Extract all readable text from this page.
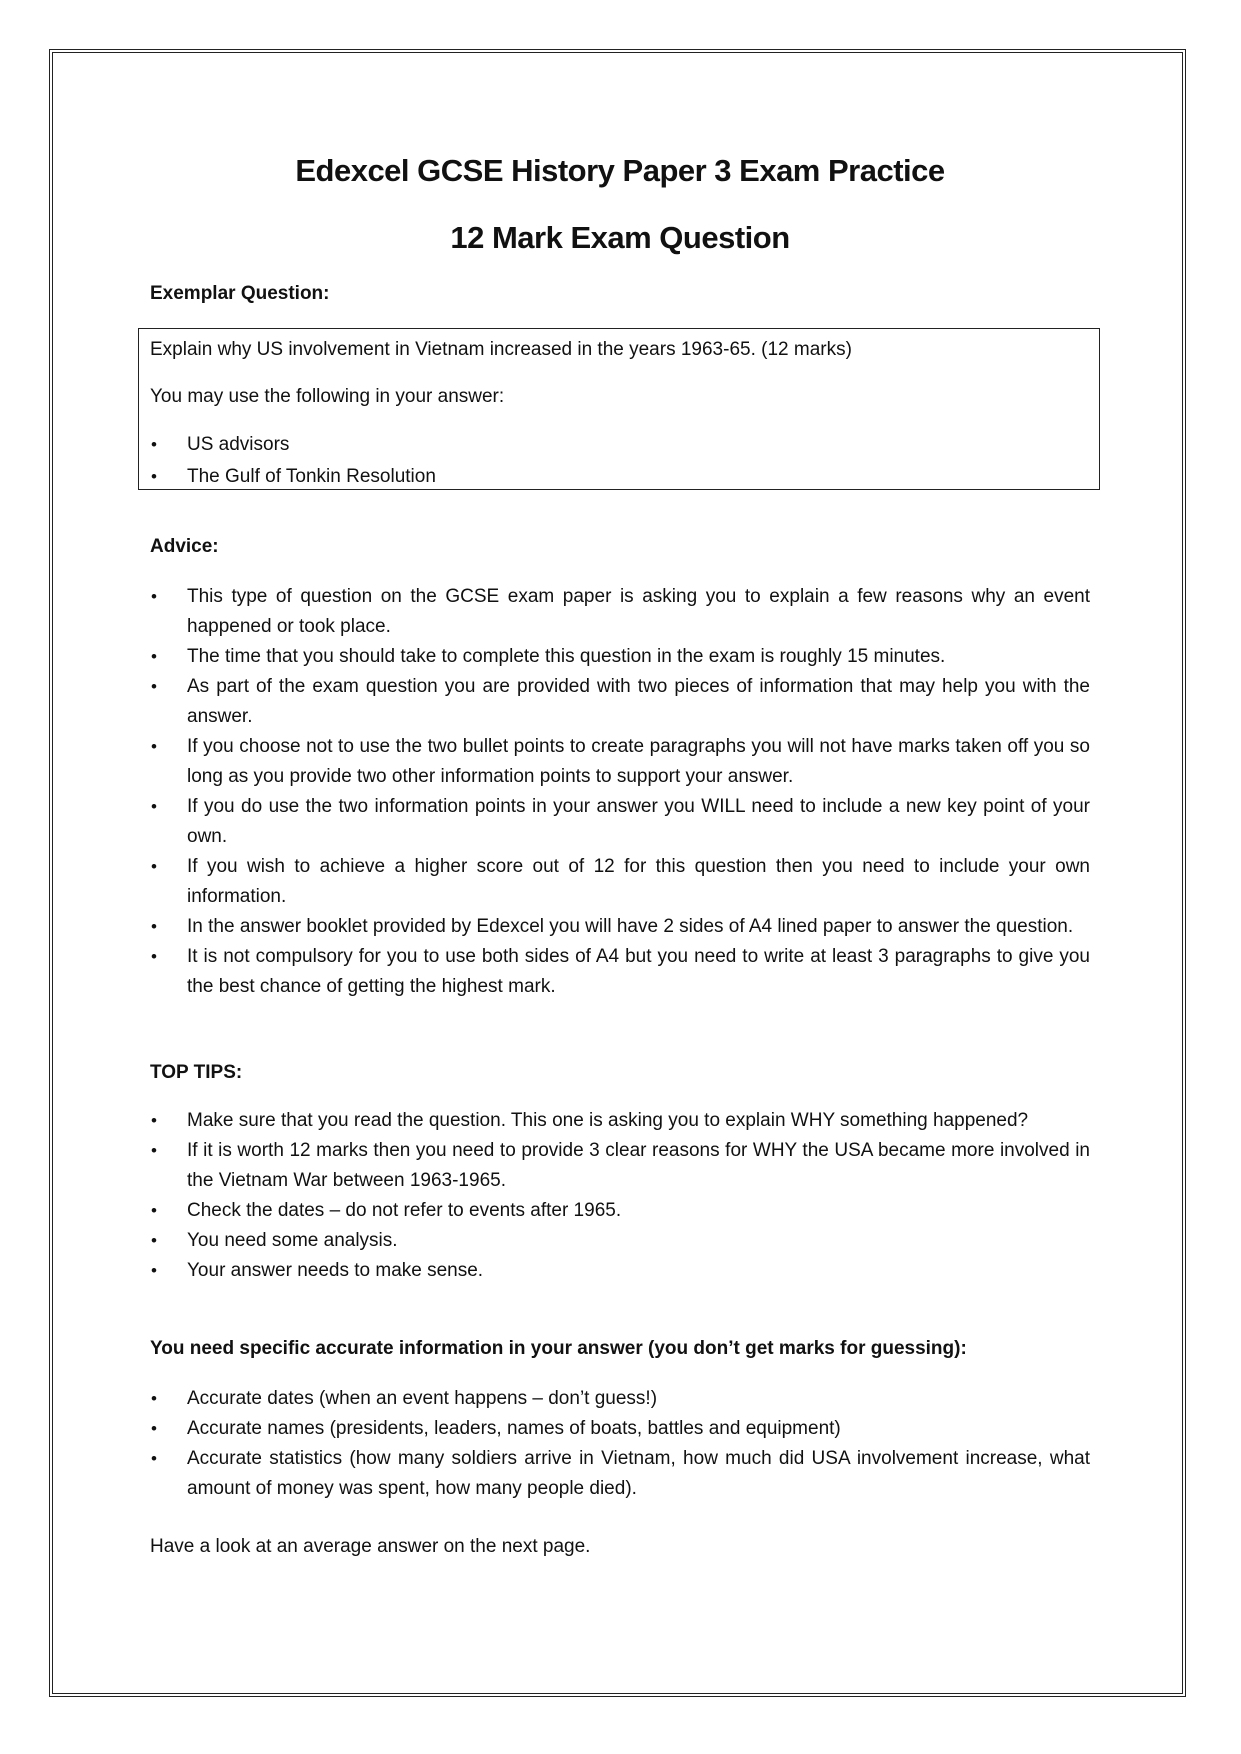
Edexcel GCSE History Paper 3 Exam Practice
12 Mark Exam Question

Exemplar Question:

Explain why US involvement in Vietnam increased in the years 1963-65. (12 marks)

You may use the following in your answer:

• US advisors
• The Gulf of Tonkin Resolution

Advice:

• This type of question on the GCSE exam paper is asking you to explain a few reasons why an event happened or took place.
• The time that you should take to complete this question in the exam is roughly 15 minutes.
• As part of the exam question you are provided with two pieces of information that may help you with the answer.
• If you choose not to use the two bullet points to create paragraphs you will not have marks taken off you so long as you provide two other information points to support your answer.
• If you do use the two information points in your answer you WILL need to include a new key point of your own.
• If you wish to achieve a higher score out of 12 for this question then you need to include your own information.
• In the answer booklet provided by Edexcel you will have 2 sides of A4 lined paper to answer the question.
• It is not compulsory for you to use both sides of A4 but you need to write at least 3 paragraphs to give you the best chance of getting the highest mark.

TOP TIPS:

• Make sure that you read the question. This one is asking you to explain WHY something happened?
• If it is worth 12 marks then you need to provide 3 clear reasons for WHY the USA became more involved in the Vietnam War between 1963-1965.
• Check the dates – do not refer to events after 1965.
• You need some analysis.
• Your answer needs to make sense.

You need specific accurate information in your answer (you don’t get marks for guessing):

• Accurate dates (when an event happens – don’t guess!)
• Accurate names (presidents, leaders, names of boats, battles and equipment)
• Accurate statistics (how many soldiers arrive in Vietnam, how much did USA involvement increase, what amount of money was spent, how many people died).

Have a look at an average answer on the next page.
